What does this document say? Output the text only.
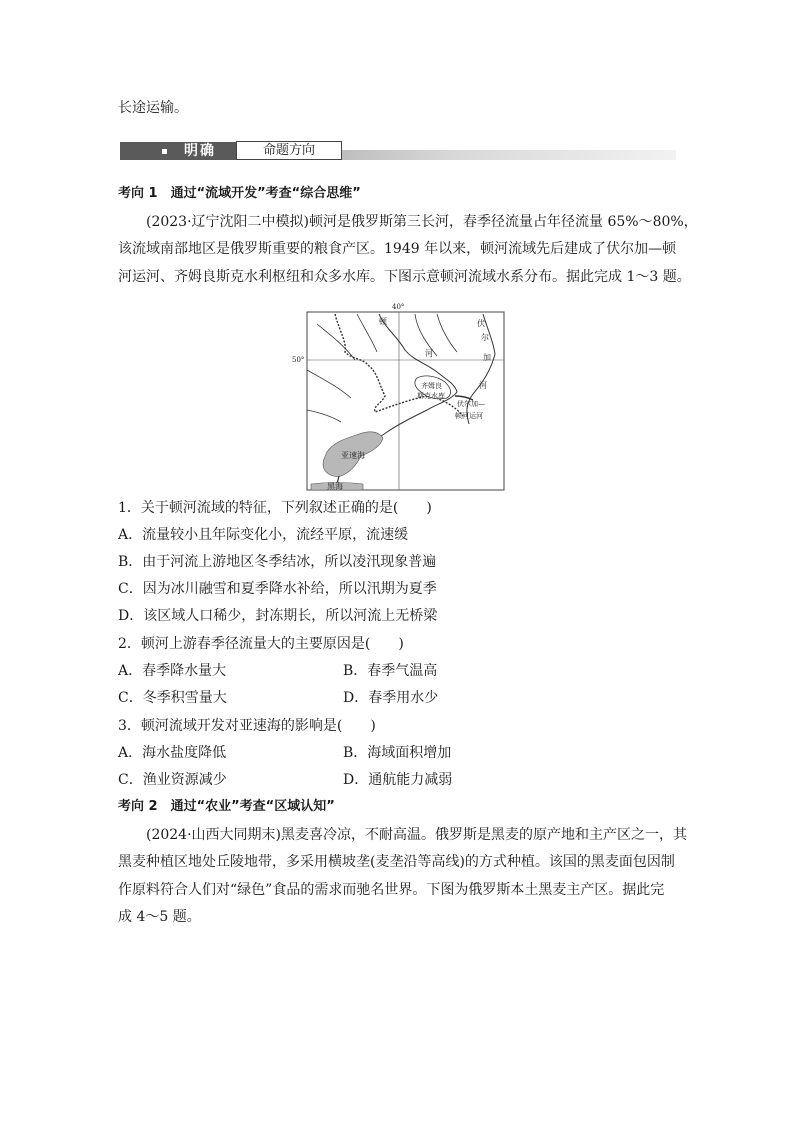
长途运输。
明确	命题方向
考向 1　通过“流域开发”考查“综合思维”
(2023·辽宁沈阳二中模拟)顿河是俄罗斯第三长河，春季径流量占年径流量 65%～80%，
该流域南部地区是俄罗斯重要的粮食产区。1949 年以来，顿河流域先后建成了伏尔加—顿
河运河、齐姆良斯克水利枢纽和众多水库。下图示意顿河流域水系分布。据此完成 1～3 题。
40°
50°
顿
河
伏
尔
加
河
齐姆良
斯克水库
伏尔加—
顿河运河
亚速海
黑海
1．关于顿河流域的特征，下列叙述正确的是(　　)
A．流量较小且年际变化小，流经平原，流速缓
B．由于河流上游地区冬季结冰，所以凌汛现象普遍
C．因为冰川融雪和夏季降水补给，所以汛期为夏季
D．该区域人口稀少，封冻期长，所以河流上无桥梁
2．顿河上游春季径流量大的主要原因是(　　)
A．春季降水量大	B．春季气温高
C．冬季积雪量大	D．春季用水少
3．顿河流域开发对亚速海的影响是(　　)
A．海水盐度降低	B．海域面积增加
C．渔业资源减少	D．通航能力减弱
考向 2　通过“农业”考查“区域认知”
(2024·山西大同期末)黑麦喜冷凉，不耐高温。俄罗斯是黑麦的原产地和主产区之一，其
黑麦种植区地处丘陵地带，多采用横坡垄(麦垄沿等高线)的方式种植。该国的黑麦面包因制
作原料符合人们对“绿色”食品的需求而驰名世界。下图为俄罗斯本土黑麦主产区。据此完
成 4～5 题。
